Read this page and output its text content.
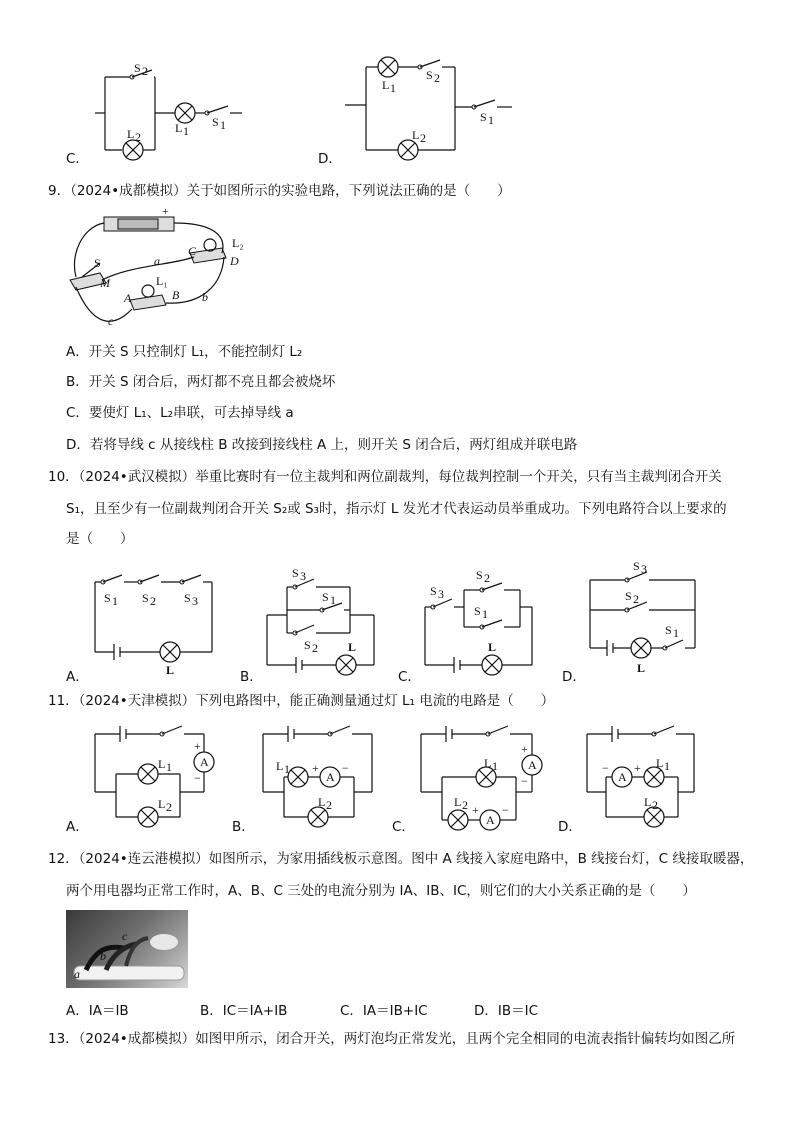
S 2
L 2
L 1
S 1
C．
L 1
S 2
L 2
S 1
D．
9．（2024•成都模拟）关于如图所示的实验电路，下列说法正确的是（　　）
+
S
M
A	B
L₁
C
D
L₂
a
b
c
A．开关 S 只控制灯 L₁，不能控制灯 L₂
B．开关 S 闭合后，两灯都不亮且都会被烧坏
C．要使灯 L₁、L₂串联，可去掉导线 a
D．若将导线 c 从接线柱 B 改接到接线柱 A 上，则开关 S 闭合后，两灯组成并联电路
10．（2024•武汉模拟）举重比赛时有一位主裁判和两位副裁判，每位裁判控制一个开关，只有当主裁判闭合开关
S₁，且至少有一位副裁判闭合开关 S₂或 S₃时，指示灯 L 发光才代表运动员举重成功。下列电路符合以上要求的
是（　　）
S 1 S 2 S 3
L
A．
S 3
S 1
S 2	L
B．
S 3
S 2
S 1
L
C．
S 3
S 2
S 1
L
D．
11．（2024•天津模拟）下列电路图中，能正确测量通过灯 L₁ 电流的电路是（　　）
A
+
−
L 1
L 2
A．
A
+ −
L 1
L 2
B．
A
+
−
A
+ −
L 1
L 2
C．
A
− + L 1
L 2
D．
12．（2024•连云港模拟）如图所示，为家用插线板示意图。图中 A 线接入家庭电路中，B 线接台灯，C 线接取暖器，
两个用电器均正常工作时，A、B、C 三处的电流分别为 IA、IB、IC，则它们的大小关系正确的是（　　）
a
b
c
A．IA＝IB	B．IC＝IA+IB	C．IA＝IB+IC	D．IB＝IC
13．（2024•成都模拟）如图甲所示，闭合开关，两灯泡均正常发光，且两个完全相同的电流表指针偏转均如图乙所
